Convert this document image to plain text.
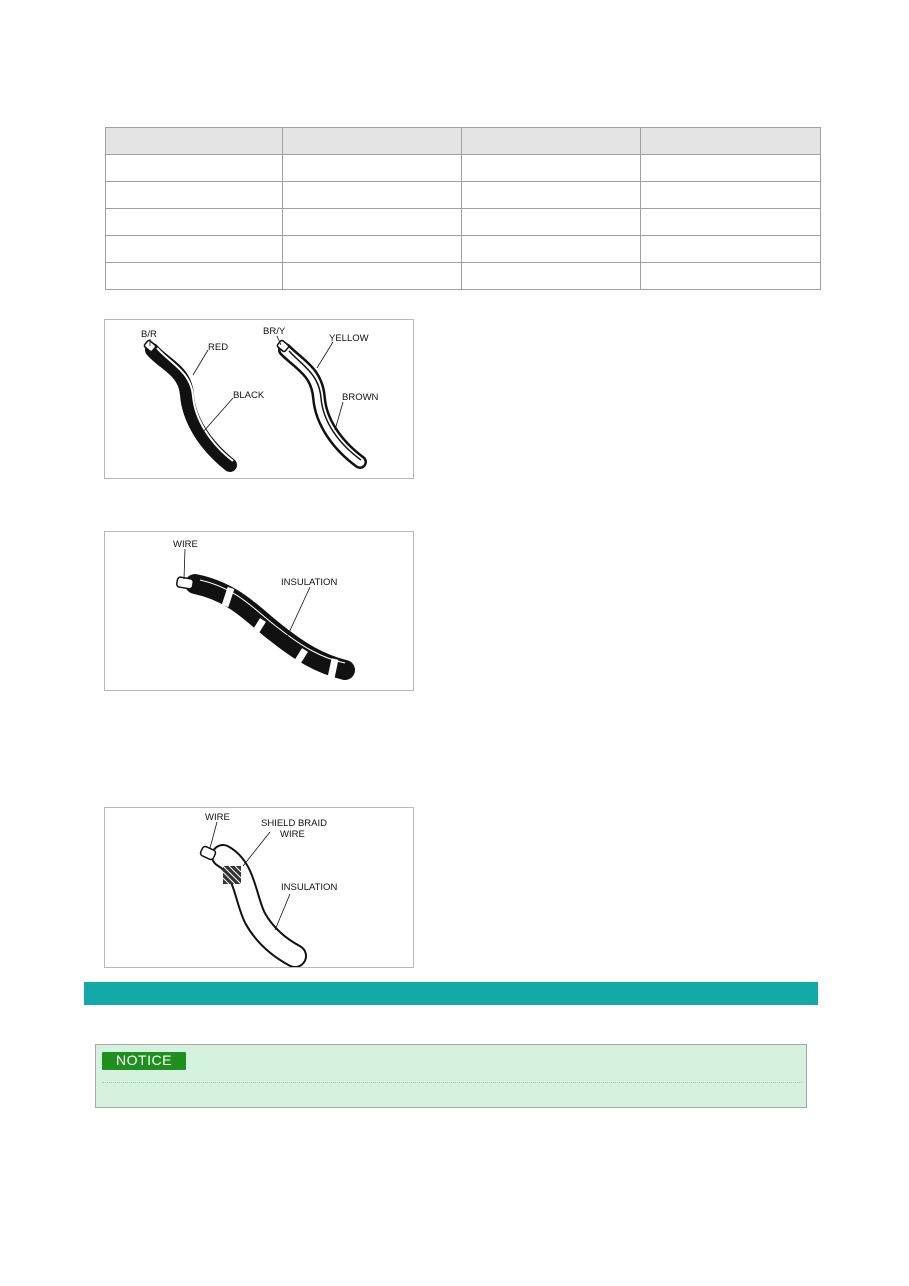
B/R
RED
BLACK
BR/Y
YELLOW
BROWN
WIRE
INSULATION
WIRE
SHIELD BRAID
WIRE
INSULATION
NOTICE
